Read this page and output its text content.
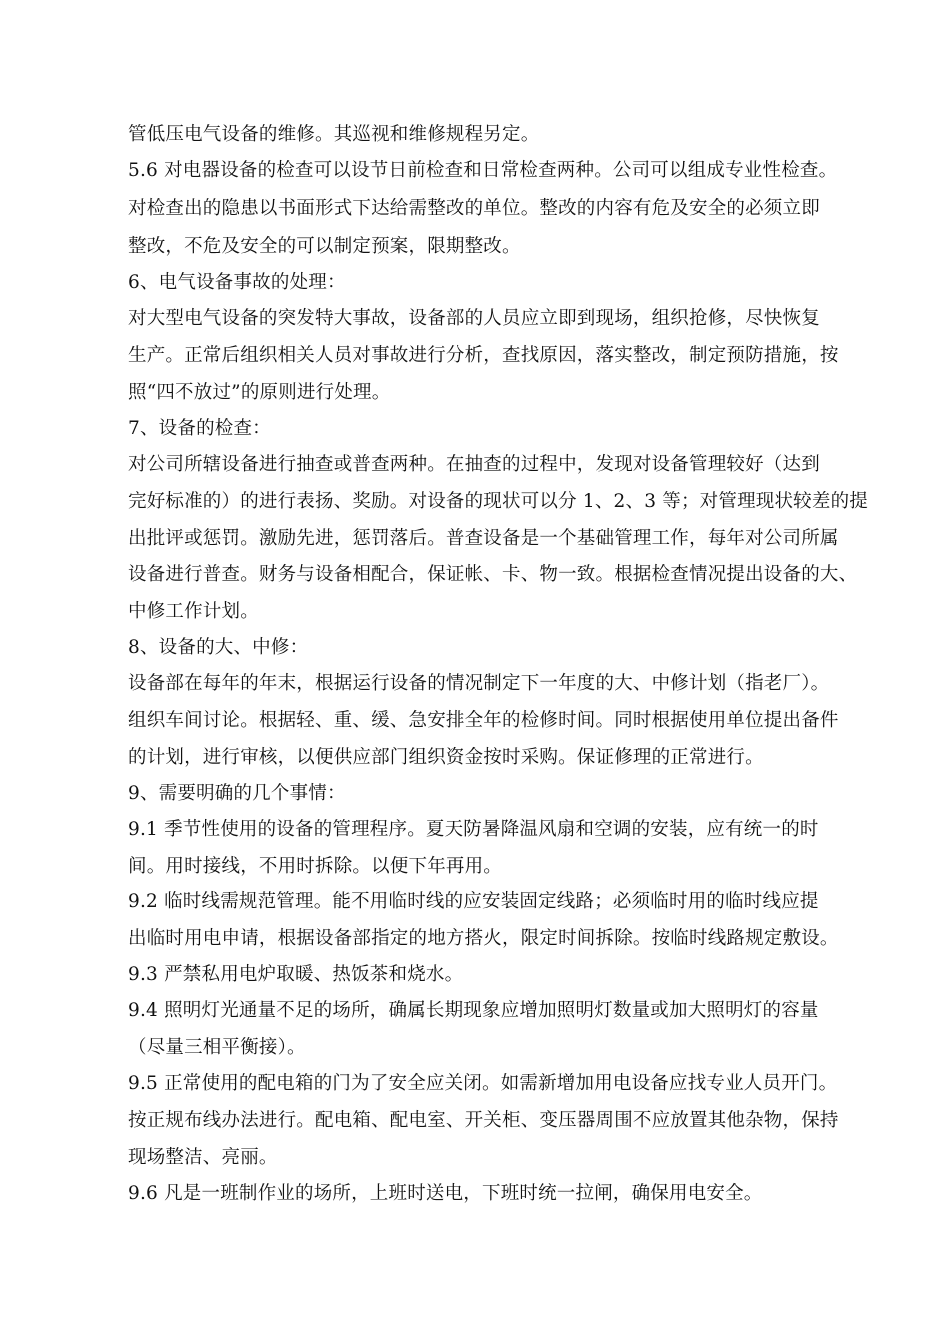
管低压电气设备的维修。其巡视和维修规程另定。
5.6 对电器设备的检查可以设节日前检查和日常检查两种。公司可以组成专业性检查。
对检查出的隐患以书面形式下达给需整改的单位。整改的内容有危及安全的必须立即
整改，不危及安全的可以制定预案，限期整改。
6、电气设备事故的处理：
对大型电气设备的突发特大事故，设备部的人员应立即到现场，组织抢修，尽快恢复
生产。正常后组织相关人员对事故进行分析，查找原因，落实整改，制定预防措施，按
照“四不放过”的原则进行处理。
7、设备的检查：
对公司所辖设备进行抽查或普查两种。在抽查的过程中，发现对设备管理较好（达到
完好标准的）的进行表扬、奖励。对设备的现状可以分 1、2、3 等；对管理现状较差的提
出批评或惩罚。激励先进，惩罚落后。普查设备是一个基础管理工作，每年对公司所属
设备进行普查。财务与设备相配合，保证帐、卡、物一致。根据检查情况提出设备的大、
中修工作计划。
8、设备的大、中修：
设备部在每年的年末，根据运行设备的情况制定下一年度的大、中修计划（指老厂）。
组织车间讨论。根据轻、重、缓、急安排全年的检修时间。同时根据使用单位提出备件
的计划，进行审核，以便供应部门组织资金按时采购。保证修理的正常进行。
9、需要明确的几个事情：
9.1 季节性使用的设备的管理程序。夏天防暑降温风扇和空调的安装，应有统一的时
间。用时接线，不用时拆除。以便下年再用。
9.2 临时线需规范管理。能不用临时线的应安装固定线路；必须临时用的临时线应提
出临时用电申请，根据设备部指定的地方搭火，限定时间拆除。按临时线路规定敷设。
9.3 严禁私用电炉取暖、热饭茶和烧水。
9.4 照明灯光通量不足的场所，确属长期现象应增加照明灯数量或加大照明灯的容量
（尽量三相平衡接）。
9.5 正常使用的配电箱的门为了安全应关闭。如需新增加用电设备应找专业人员开门。
按正规布线办法进行。配电箱、配电室、开关柜、变压器周围不应放置其他杂物，保持
现场整洁、亮丽。
9.6 凡是一班制作业的场所，上班时送电，下班时统一拉闸，确保用电安全。
